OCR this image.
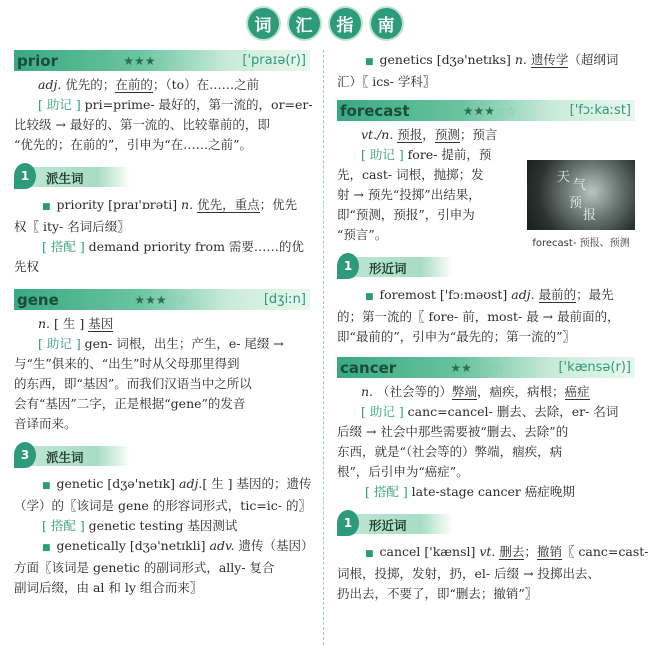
词	汇	指	南
prior	★★★☆☆	['praɪə(r)]
adj. 优先的；在前的；（to）在……之前
[ 助记 ] pri=prime- 最好的，第一流的，or=er-
比较级 → 最好的、第一流的、比较靠前的，即
“优先的；在前的”，引申为“在……之前”。
1	派生词
■ priority [praɪ'ɒrəti] n. 优先，重点；优先
权〖 ity- 名词后缀〗
[ 搭配 ] demand priority from 需要……的优
先权
gene	★★★☆☆	[dʒiːn]
n. [ 生 ] 基因
[ 助记 ] gen- 词根，出生；产生，e- 尾缀 →
与“生”俱来的、“出生”时从父母那里得到
的东西，即“基因”。而我们汉语当中之所以
会有“基因”二字，正是根据“gene”的发音
音译而来。
3	派生词
■ genetic [dʒə'netɪk] adj.[ 生 ] 基因的；遗传
（学）的〖该词是 gene 的形容词形式，tic=ic- 的〗
[ 搭配 ] genetic testing 基因测试
■ genetically [dʒə'netɪkli] adv. 遗传（基因）
方面〖该词是 genetic 的副词形式，ally- 复合
副词后缀，由 al 和 ly 组合而来〗
■ genetics [dʒə'netɪks] n. 遗传学（超纲词
汇）〖 ics- 学科〗
forecast	★★★☆☆	['fɔːkaːst]
vt./n. 预报，预测；预言
[ 助记 ] fore- 提前，预
先，cast- 词根，抛掷；发
射 → 预先“投掷”出结果，
即“预测，预报”，引申为
“预言”。
天
气
预
报
forecast- 预报、预测
1	形近词
■ foremost ['fɔːməʊst] adj. 最前的；最先
的；第一流的〖 fore- 前，most- 最 → 最前面的，
即“最前的”，引申为“最先的；第一流的”〗
cancer	★★☆☆☆	['kænsə(r)]
n. （社会等的）弊端，痼疾，病根；癌症
[ 助记 ] canc=cancel- 删去、去除，er- 名词
后缀 → 社会中那些需要被“删去、去除”的
东西，就是“（社会等的）弊端，痼疾，病
根”，后引申为“癌症”。
[ 搭配 ] late-stage cancer 癌症晚期
1	形近词
■ cancel ['kænsl] vt. 删去；撤销〖 canc=cast-
词根，投掷，发射，扔，el- 后缀 → 投掷出去、
扔出去，不要了，即“删去；撤销”〗
